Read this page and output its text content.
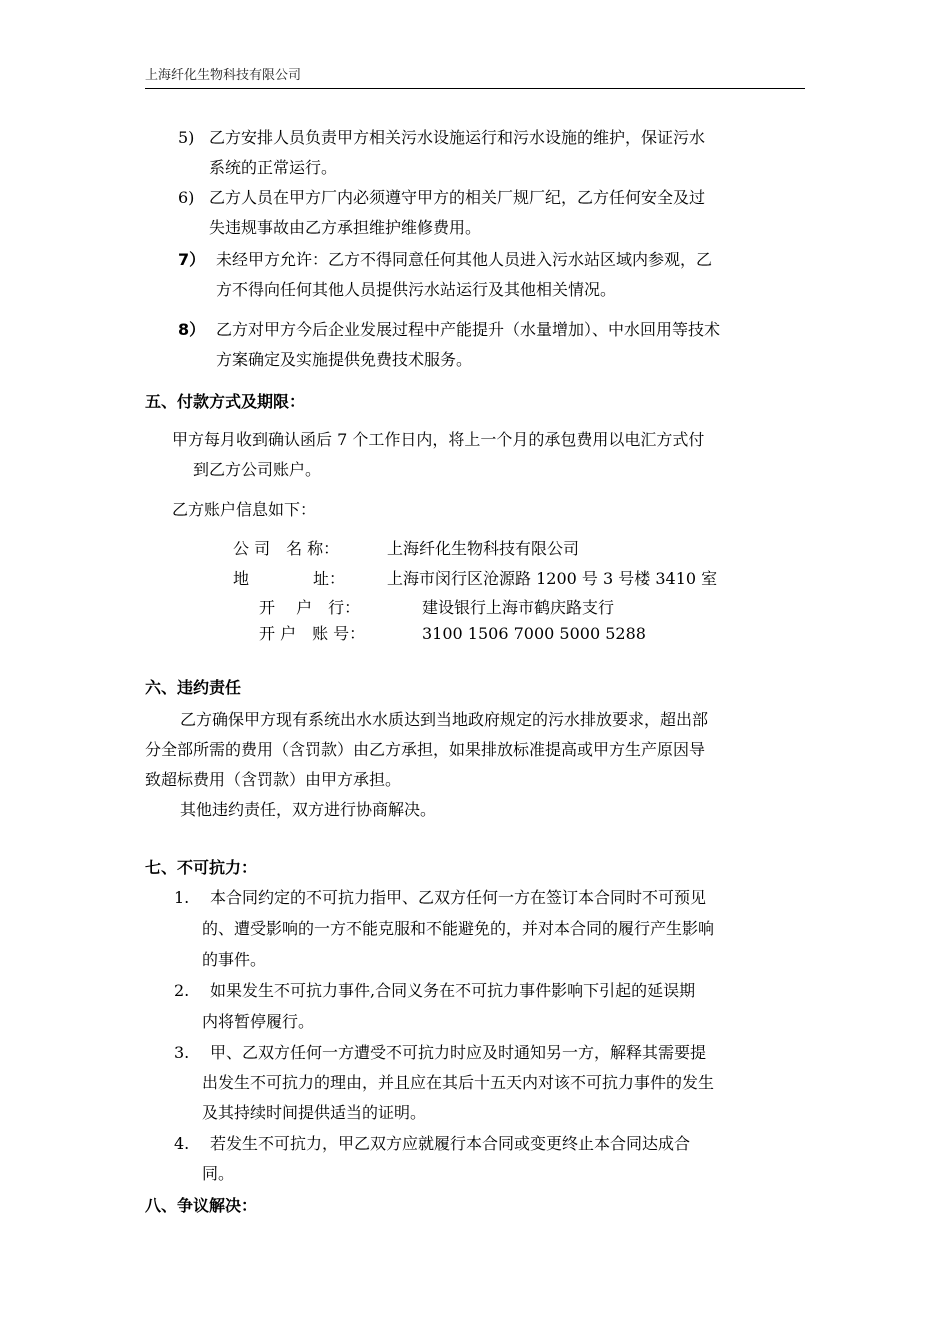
上海纤化生物科技有限公司
5) 乙方安排人员负责甲方相关污水设施运行和污水设施的维护，保证污水
系统的正常运行。
6) 乙方人员在甲方厂内必须遵守甲方的相关厂规厂纪，乙方任何安全及过
失违规事故由乙方承担维护维修费用。
7） 未经甲方允许：乙方不得同意任何其他人员进入污水站区域内参观，乙
方不得向任何其他人员提供污水站运行及其他相关情况。
8） 乙方对甲方今后企业发展过程中产能提升（水量增加）、中水回用等技术
方案确定及实施提供免费技术服务。
五、付款方式及期限：
甲方每月收到确认函后 7 个工作日内，将上一个月的承包费用以电汇方式付
到乙方公司账户。
乙方账户信息如下：
公 司　名 称：	上海纤化生物科技有限公司
地　　　　址：	上海市闵行区沧源路 1200 号 3 号楼 3410 室
开　 户　行：	建设银行上海市鹤庆路支行
开 户　账 号：	3100 1506 7000 5000 5288
六、违约责任
乙方确保甲方现有系统出水水质达到当地政府规定的污水排放要求，超出部
分全部所需的费用（含罚款）由乙方承担，如果排放标准提高或甲方生产原因导
致超标费用（含罚款）由甲方承担。
其他违约责任，双方进行协商解决。
七、不可抗力：
1. 本合同约定的不可抗力指甲、乙双方任何一方在签订本合同时不可预见
的、遭受影响的一方不能克服和不能避免的，并对本合同的履行产生影响
的事件。
2. 如果发生不可抗力事件,合同义务在不可抗力事件影响下引起的延误期
内将暂停履行。
3. 甲、乙双方任何一方遭受不可抗力时应及时通知另一方，解释其需要提
出发生不可抗力的理由，并且应在其后十五天内对该不可抗力事件的发生
及其持续时间提供适当的证明。
4. 若发生不可抗力，甲乙双方应就履行本合同或变更终止本合同达成合
同。
八、争议解决：
